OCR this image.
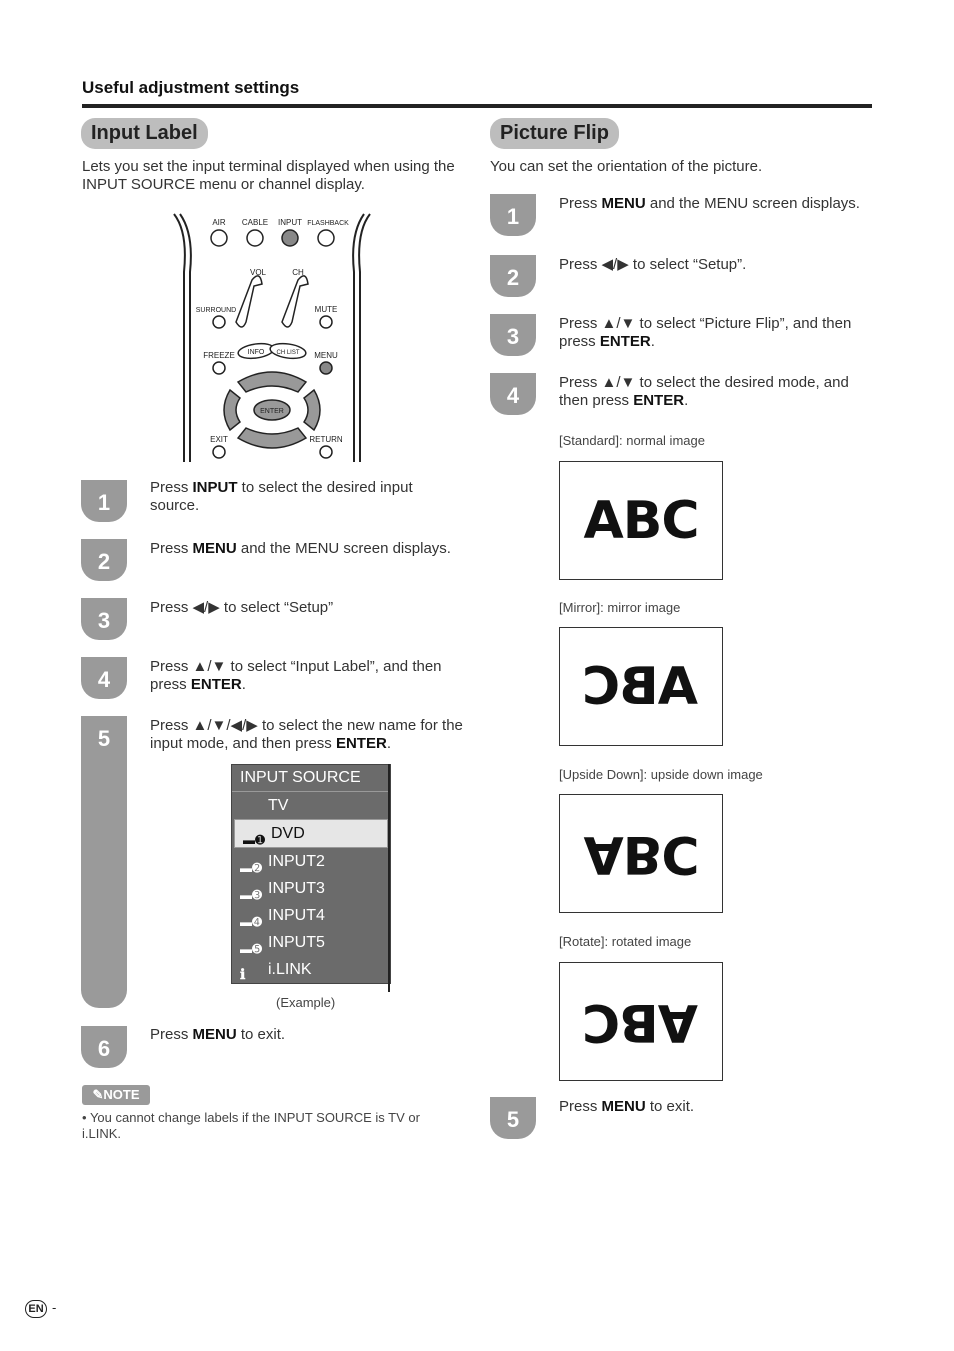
Useful adjustment settings
Input Label
Lets you set the input terminal displayed when using the INPUT SOURCE menu or channel display.
AIR CABLE INPUT FLASHBACK
VOL	CH
SURROUND	MUTE
FREEZE INFO CH LIST MENU
ENTER
EXIT	RETURN
1
Press INPUT to select the desired input source.
2
Press MENU and the MENU screen displays.
3
Press ◀/▶ to select “Setup”
4
Press ▲/▼ to select “Input Label”, and then press ENTER.
5
Press ▲/▼/◀/▶ to select the new name for the input mode, and then press ENTER.
INPUT SOURCE
TV
▬➊ DVD
▬➋ INPUT2
▬➌ INPUT3
▬➍ INPUT4
▬➎ INPUT5
ℹ i.LINK
(Example)
6
Press MENU to exit.
✎NOTE
• You cannot change labels if the INPUT SOURCE is TV or i.LINK.
Picture Flip
You can set the orientation of the picture.
1
Press MENU and the MENU screen displays.
2
Press ◀/▶ to select “Setup”.
3
Press ▲/▼ to select “Picture Flip”, and then press ENTER.
4
Press ▲/▼ to select the desired mode, and then press ENTER.
[Standard]: normal image
ABC
[Mirror]: mirror image
ABC
[Upside Down]: upside down image
ABC
[Rotate]: rotated image
ABC
5
Press MENU to exit.
EN -
